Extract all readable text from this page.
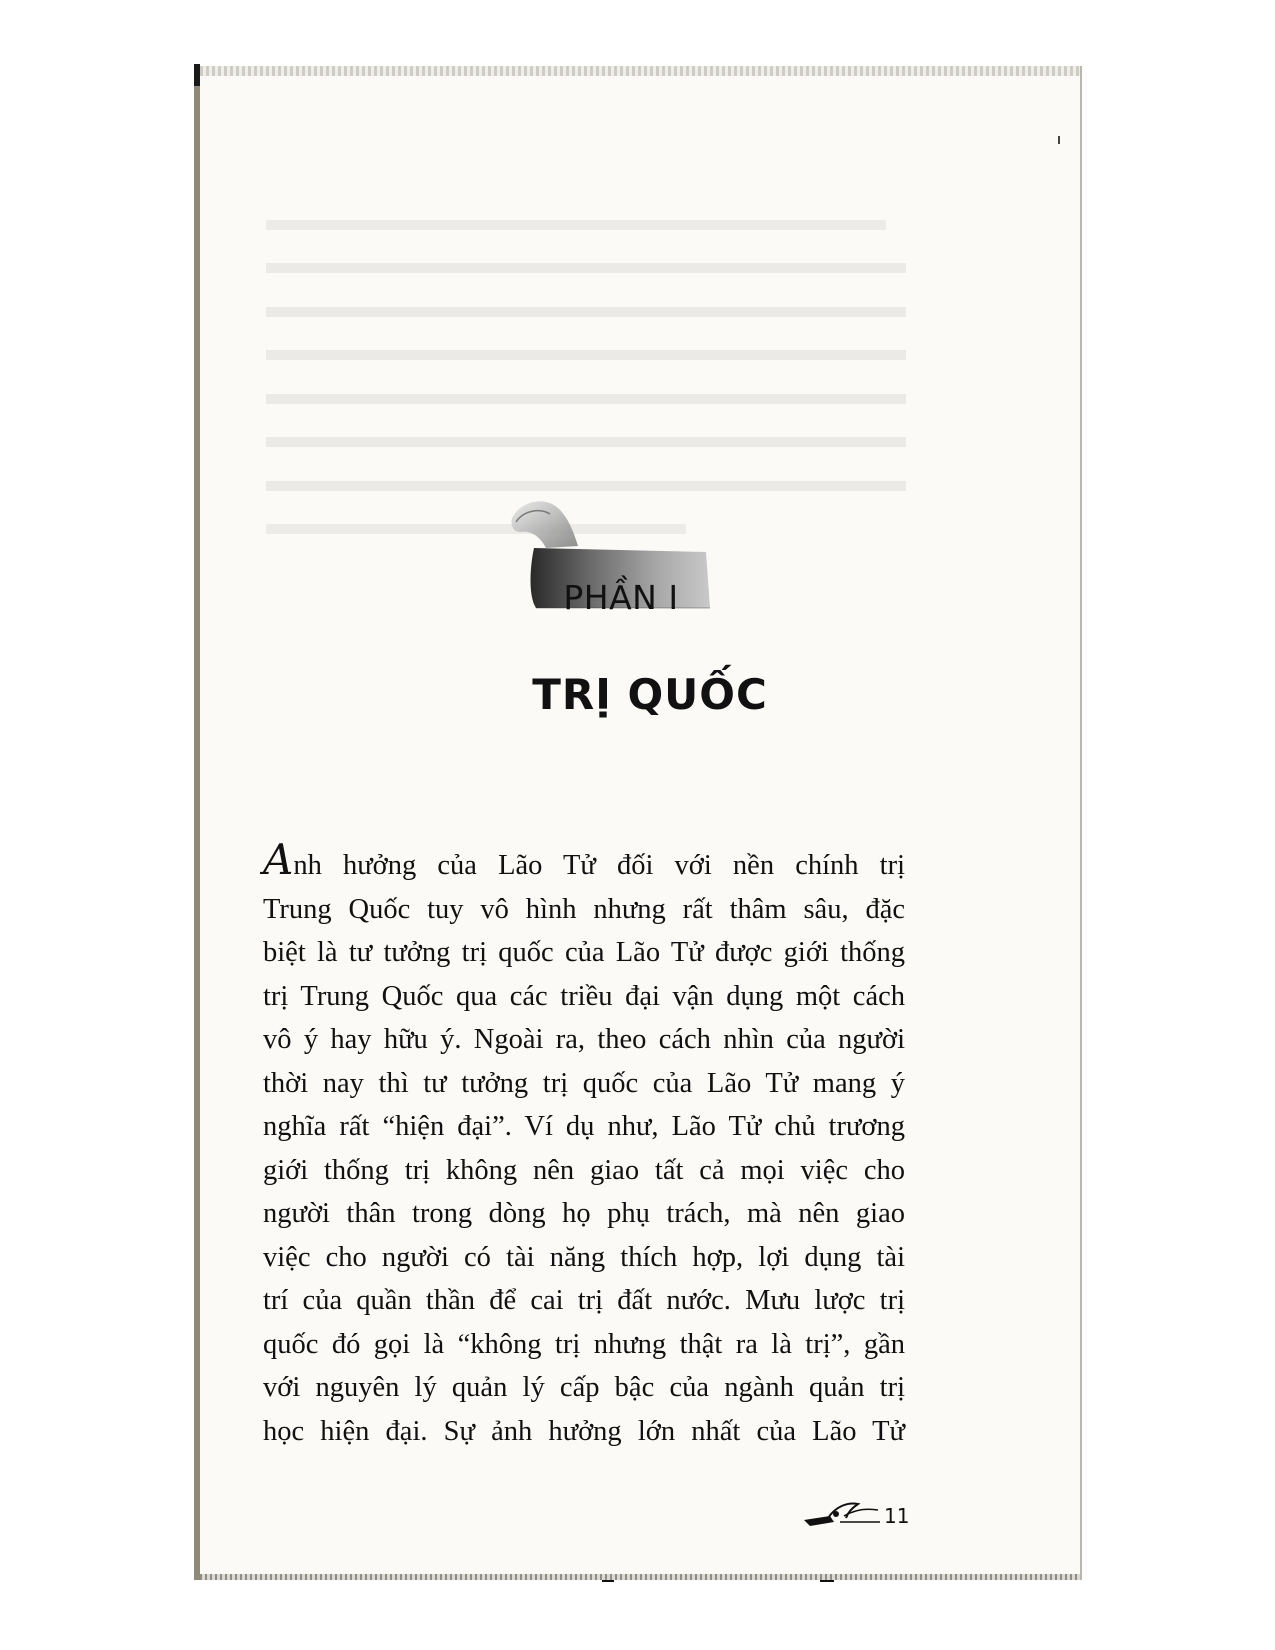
PHẦN I
TRỊ QUỐC
Anh hưởng của Lão Tử đối với nền chính trị
Trung Quốc tuy vô hình nhưng rất thâm sâu, đặc
biệt là tư tưởng trị quốc của Lão Tử được giới thống
trị Trung Quốc qua các triều đại vận dụng một cách
vô ý hay hữu ý. Ngoài ra, theo cách nhìn của người
thời nay thì tư tưởng trị quốc của Lão Tử mang ý
nghĩa rất “hiện đại”. Ví dụ như, Lão Tử chủ trương
giới thống trị không nên giao tất cả mọi việc cho
người thân trong dòng họ phụ trách, mà nên giao
việc cho người có tài năng thích hợp, lợi dụng tài
trí của quần thần để cai trị đất nước. Mưu lược trị
quốc đó gọi là “không trị nhưng thật ra là trị”, gần
với nguyên lý quản lý cấp bậc của ngành quản trị
học hiện đại. Sự ảnh hưởng lớn nhất của Lão Tử
11
